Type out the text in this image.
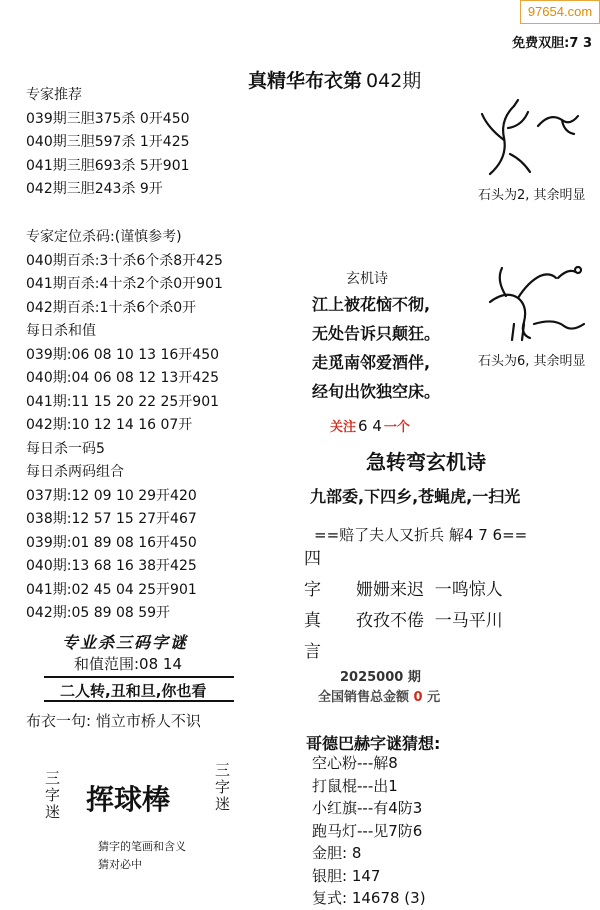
97654.com
免费双胆:7 3
真精华布衣第 042期
专家推荐
039期三胆375杀 0开450
040期三胆597杀 1开425
041期三胆693杀 5开901
042期三胆243杀 9开
专家定位杀码:(谨慎参考)
040期百杀:3十杀6个杀8开425
041期百杀:4十杀2个杀0开901
042期百杀:1十杀6个杀0开
每日杀和值
039期:06 08 10 13 16开450
040期:04 06 08 12 13开425
041期:11 15 20 22 25开901
042期:10 12 14 16 07开
每日杀一码5
每日杀两码组合
037期:12 09 10 29开420
038期:12 57 15 27开467
039期:01 89 08 16开450
040期:13 68 16 38开425
041期:02 45 04 25开901
042期:05 89 08 59开
专业杀三码字谜
和值范围:08 14
二人转,丑和旦,你也看
布衣一句: 悄立市桥人不识
三字迷 挥球棒	三字迷
猜字的笔画和含义
猜对必中
石头为2, 其余明显
石头为6, 其余明显
玄机诗
江上被花恼不彻,
无处告诉只颠狂。
走觅南邻爱酒伴,
经旬出饮独空床。
关注 6 4 一个
急转弯玄机诗
九部委,下四乡,苍蝇虎,一扫光
==赔了夫人又折兵 解4 7 6==
四
字
真
言
姗姗来迟  一鸣惊人
孜孜不倦  一马平川
2025000 期
全国销售总金额 0 元
哥德巴赫字谜猜想:
空心粉---解8
打鼠棍---出1
小红旗---有4防3
跑马灯---见7防6
金胆: 8
银胆: 147
复式: 14678 (3)
